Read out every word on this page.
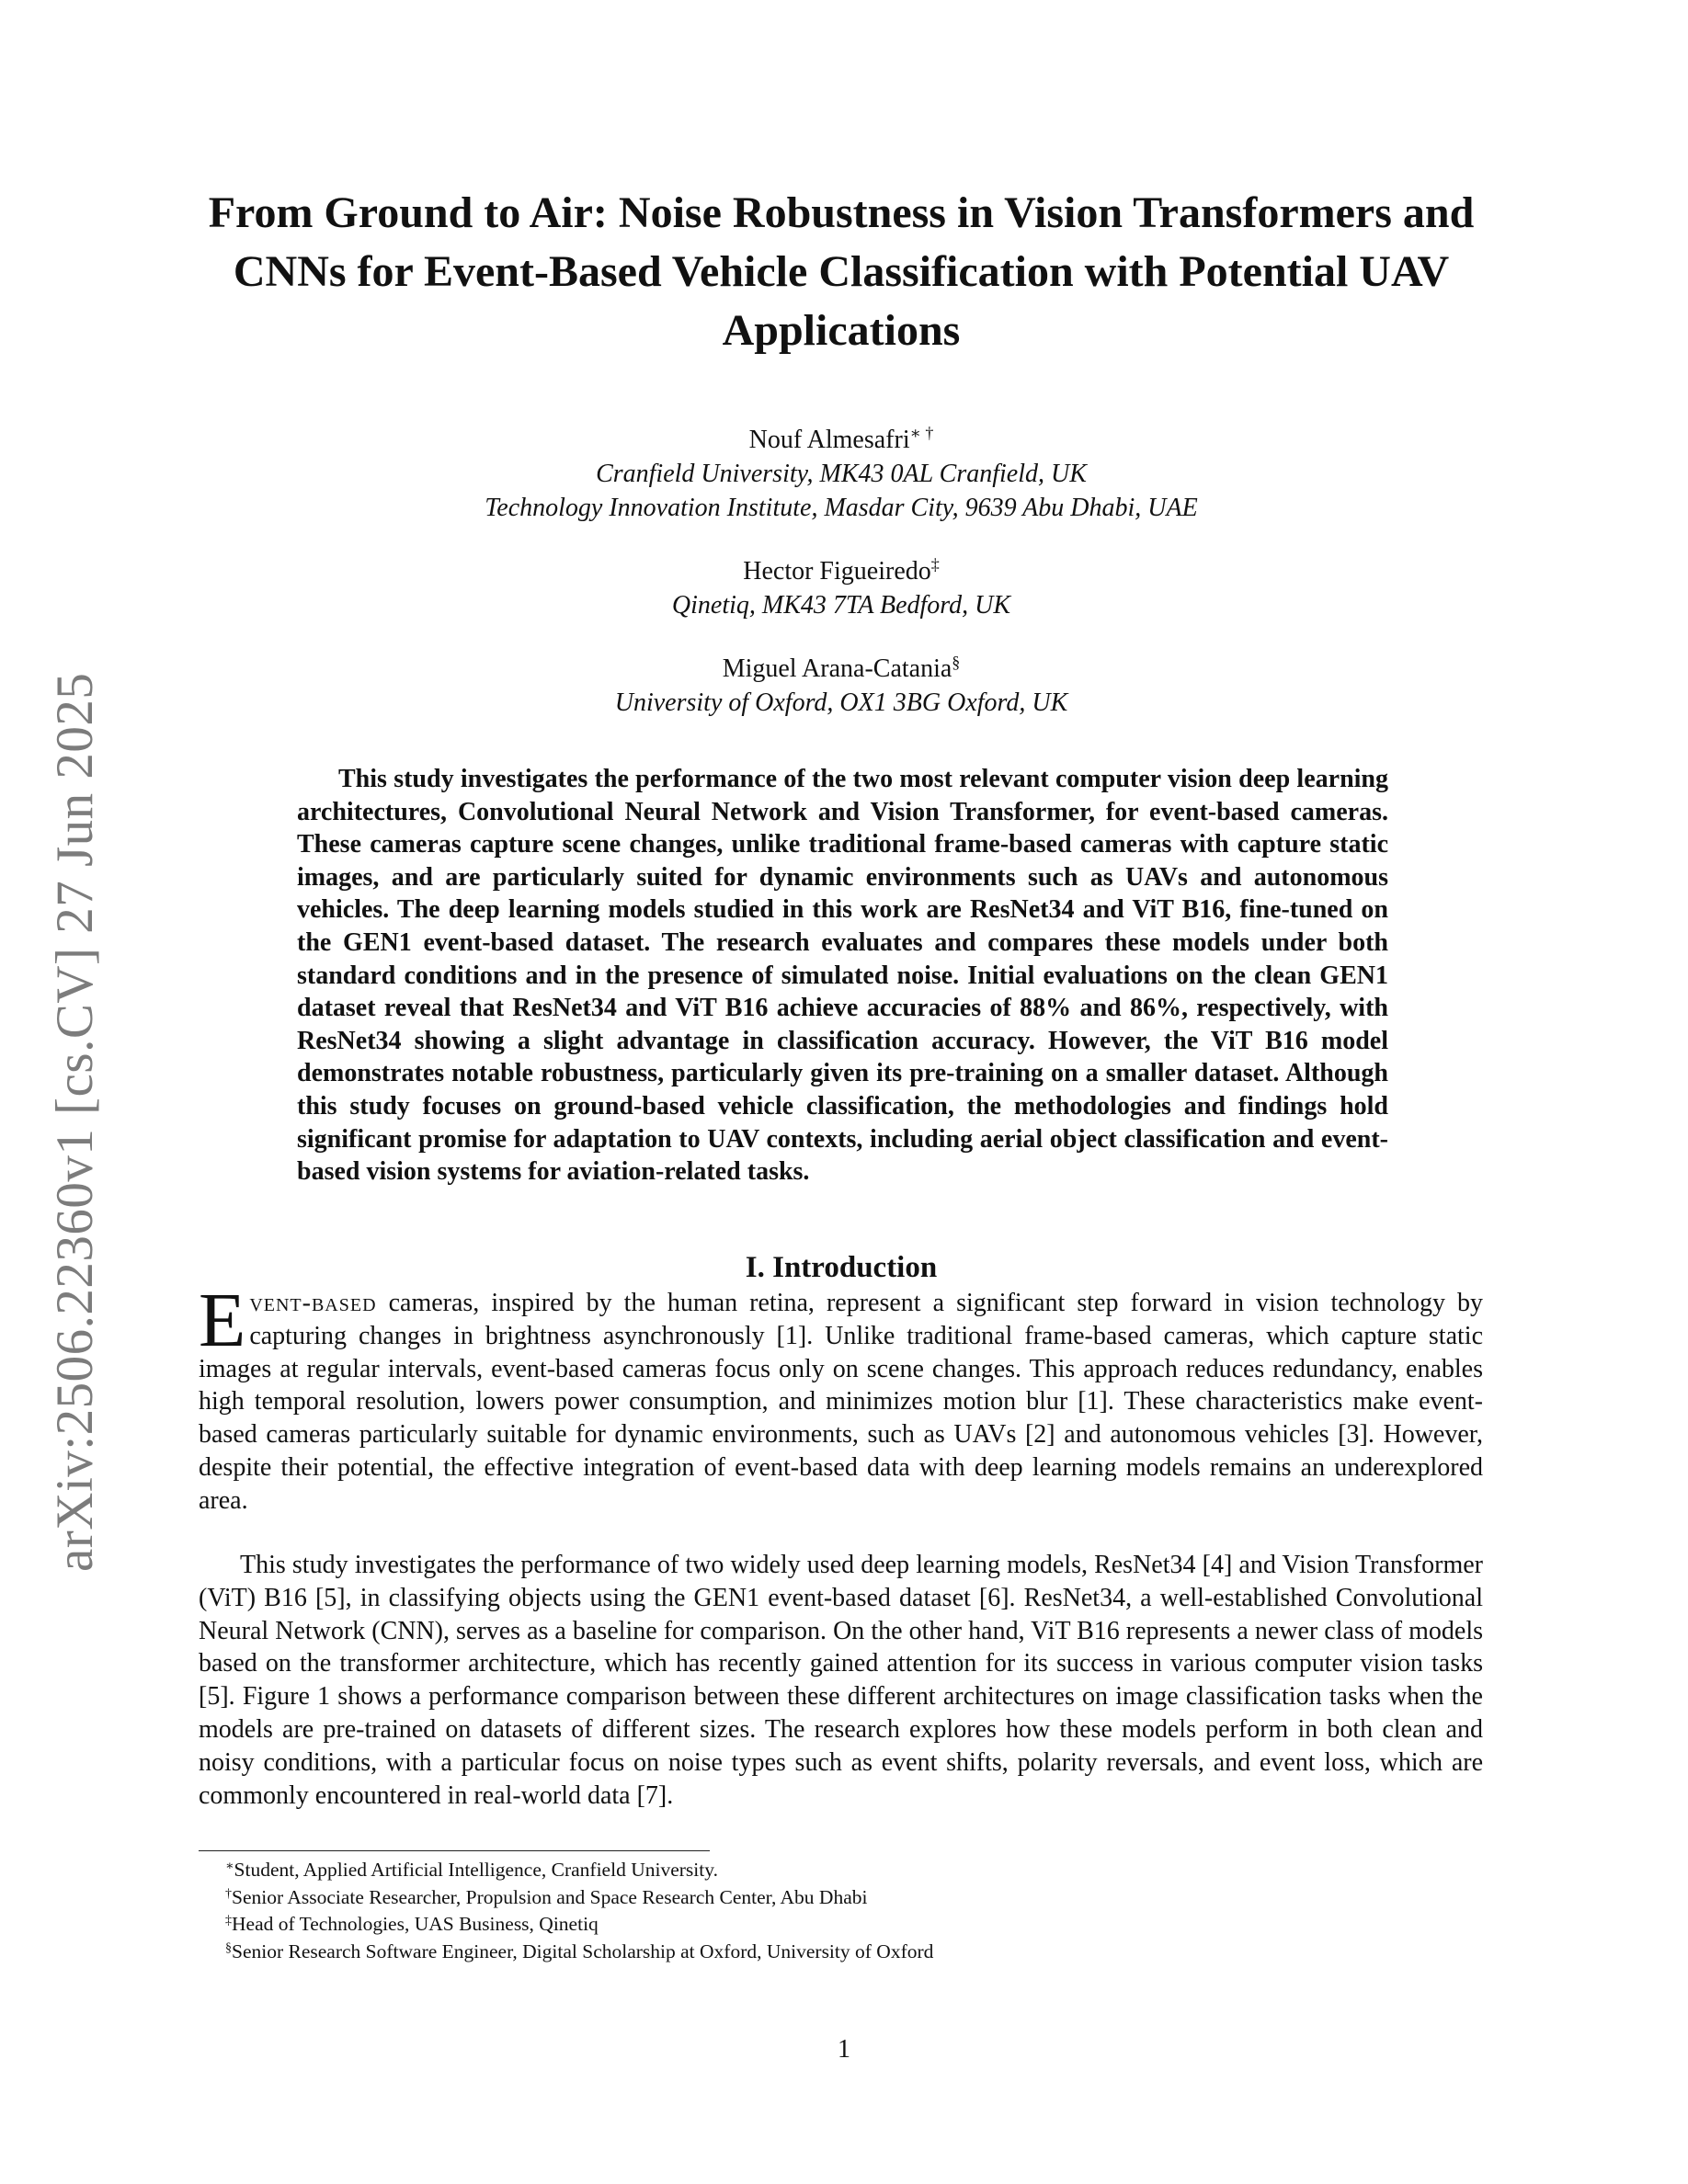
arXiv:2506.22360v1 [cs.CV] 27 Jun 2025
From Ground to Air: Noise Robustness in Vision Transformers and CNNs for Event-Based Vehicle Classification with Potential UAV Applications
Nouf Almesafri∗ †
Cranfield University, MK43 0AL Cranfield, UK
Technology Innovation Institute, Masdar City, 9639 Abu Dhabi, UAE
Hector Figueiredo‡
Qinetiq, MK43 7TA Bedford, UK
Miguel Arana-Catania§
University of Oxford, OX1 3BG Oxford, UK

This study investigates the performance of the two most relevant computer vision deep learning architectures, Convolutional Neural Network and Vision Transformer, for event-based cameras. These cameras capture scene changes, unlike traditional frame-based cameras with capture static images, and are particularly suited for dynamic environments such as UAVs and autonomous vehicles. The deep learning models studied in this work are ResNet34 and ViT B16, fine-tuned on the GEN1 event-based dataset. The research evaluates and compares these models under both standard conditions and in the presence of simulated noise. Initial evaluations on the clean GEN1 dataset reveal that ResNet34 and ViT B16 achieve accuracies of 88% and 86%, respectively, with ResNet34 showing a slight advantage in classification accuracy. However, the ViT B16 model demonstrates notable robustness, particularly given its pre-training on a smaller dataset. Although this study focuses on ground-based vehicle classification, the methodologies and findings hold significant promise for adaptation to UAV contexts, including aerial object classification and event-based vision systems for aviation-related tasks.

I. Introduction

Event-based cameras, inspired by the human retina, represent a significant step forward in vision technology by capturing changes in brightness asynchronously [1]. Unlike traditional frame-based cameras, which capture static images at regular intervals, event-based cameras focus only on scene changes. This approach reduces redundancy, enables high temporal resolution, lowers power consumption, and minimizes motion blur [1]. These characteristics make event-based cameras particularly suitable for dynamic environments, such as UAVs [2] and autonomous vehicles [3]. However, despite their potential, the effective integration of event-based data with deep learning models remains an underexplored area.

This study investigates the performance of two widely used deep learning models, ResNet34 [4] and Vision Transformer (ViT) B16 [5], in classifying objects using the GEN1 event-based dataset [6]. ResNet34, a well-established Convolutional Neural Network (CNN), serves as a baseline for comparison. On the other hand, ViT B16 represents a newer class of models based on the transformer architecture, which has recently gained attention for its success in various computer vision tasks [5]. Figure 1 shows a performance comparison between these different architectures on image classification tasks when the models are pre-trained on datasets of different sizes. The research explores how these models perform in both clean and noisy conditions, with a particular focus on noise types such as event shifts, polarity reversals, and event loss, which are commonly encountered in real-world data [7].

∗Student, Applied Artificial Intelligence, Cranfield University.
†Senior Associate Researcher, Propulsion and Space Research Center, Abu Dhabi
‡Head of Technologies, UAS Business, Qinetiq
§Senior Research Software Engineer, Digital Scholarship at Oxford, University of Oxford
1
